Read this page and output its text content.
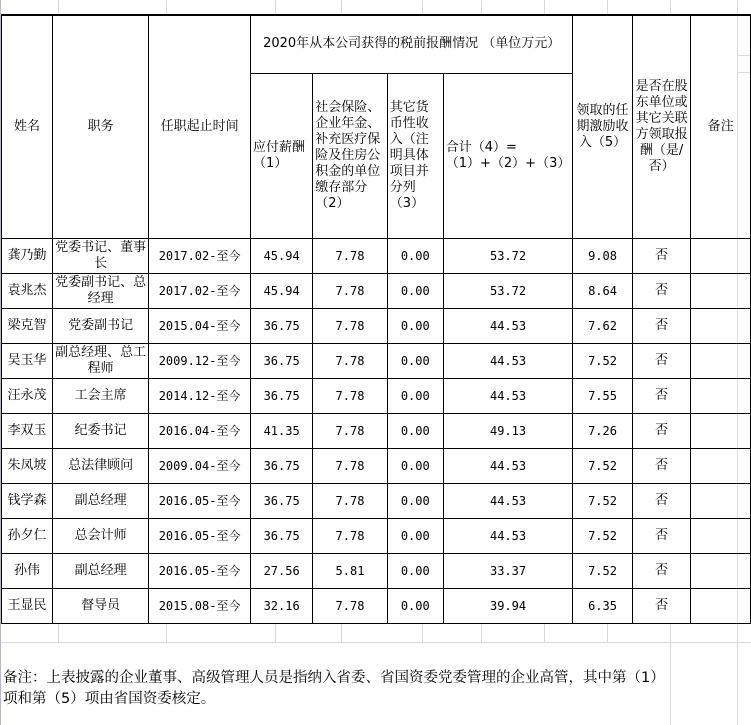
姓名	职务	任职起止时间	2020年从本公司获得的税前报酬情况 （单位万元）				领取的任期激励收入（5）	是否在股东单位或其它关联方领取报酬（是/否）	备注
			应付薪酬（1）	社会保险、企业年金、补充医疗保险及住房公积金的单位缴存部分（2）	其它货币性收入（注明具体项目并分列（3）	合计（4）=（1）+（2）+（3）			
龚乃勤	党委书记、董事长	2017.02-至今	45.94	7.78	0.00	53.72	9.08	否	
袁兆杰	党委副书记、总经理	2017.02-至今	45.94	7.78	0.00	53.72	8.64	否	
梁克智	党委副书记	2015.04-至今	36.75	7.78	0.00	44.53	7.62	否	
吴玉华	副总经理、总工程师	2009.12-至今	36.75	7.78	0.00	44.53	7.52	否	
汪永茂	工会主席	2014.12-至今	36.75	7.78	0.00	44.53	7.55	否	
李双玉	纪委书记	2016.04-至今	41.35	7.78	0.00	49.13	7.26	否	
朱凤坡	总法律顾问	2009.04-至今	36.75	7.78	0.00	44.53	7.52	否	
钱学森	副总经理	2016.05-至今	36.75	7.78	0.00	44.53	7.52	否	
孙夕仁	总会计师	2016.05-至今	36.75	7.78	0.00	44.53	7.52	否	
孙伟	副总经理	2016.05-至今	27.56	5.81	0.00	33.37	7.52	否	
王显民	督导员	2015.08-至今	32.16	7.78	0.00	39.94	6.35	否	
备注：上表披露的企业董事、高级管理人员是指纳入省委、省国资委党委管理的企业高管，其中第（1）项和第（5）项由省国资委核定。
